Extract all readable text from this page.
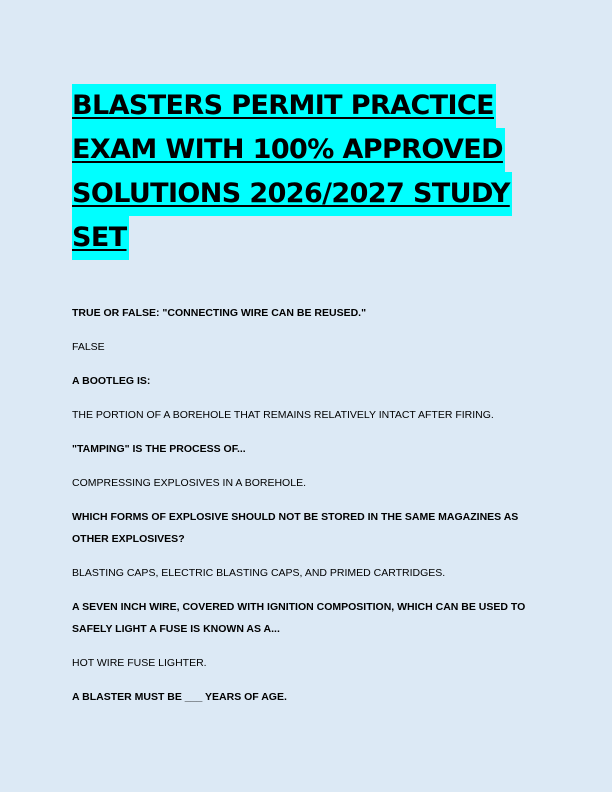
BLASTERS PERMIT PRACTICE
EXAM WITH 100% APPROVED
SOLUTIONS 2026/2027 STUDY
SET
TRUE OR FALSE: "CONNECTING WIRE CAN BE REUSED."
FALSE
A BOOTLEG IS:
THE PORTION OF A BOREHOLE THAT REMAINS RELATIVELY INTACT AFTER FIRING.
"TAMPING" IS THE PROCESS OF...
COMPRESSING EXPLOSIVES IN A BOREHOLE.
WHICH FORMS OF EXPLOSIVE SHOULD NOT BE STORED IN THE SAME MAGAZINES AS OTHER EXPLOSIVES?
BLASTING CAPS, ELECTRIC BLASTING CAPS, AND PRIMED CARTRIDGES.
A SEVEN INCH WIRE, COVERED WITH IGNITION COMPOSITION, WHICH CAN BE USED TO SAFELY LIGHT A FUSE IS KNOWN AS A...
HOT WIRE FUSE LIGHTER.
A BLASTER MUST BE ___ YEARS OF AGE.
